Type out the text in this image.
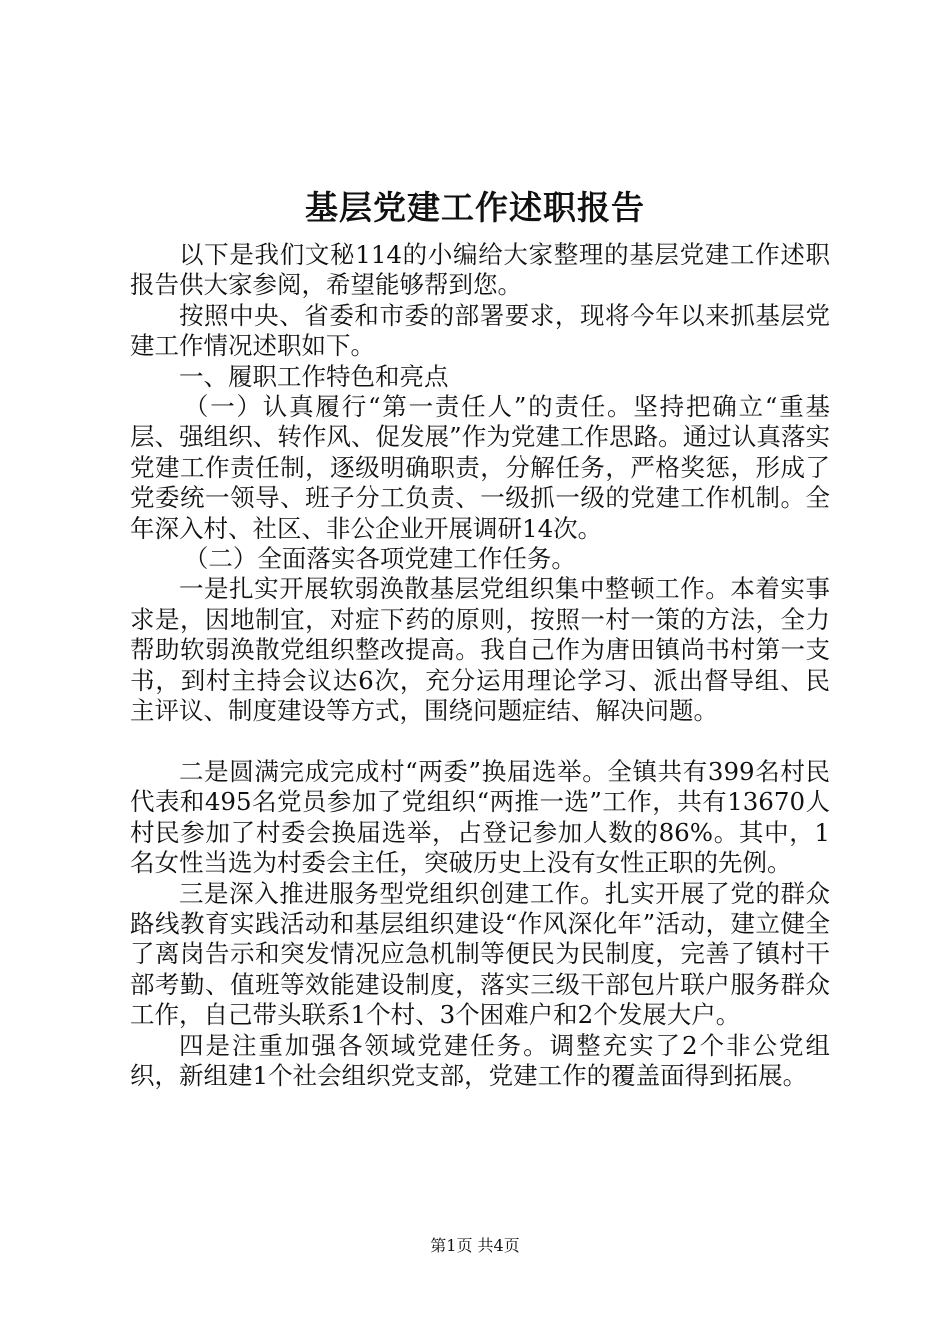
基层党建工作述职报告

以下是我们文秘114的小编给大家整理的基层党建工作述职报告供大家参阅，希望能够帮到您。

按照中央、省委和市委的部署要求，现将今年以来抓基层党建工作情况述职如下。

一、履职工作特色和亮点

（一）认真履行“第一责任人”的责任。坚持把确立“重基层、强组织、转作风、促发展”作为党建工作思路。通过认真落实党建工作责任制，逐级明确职责，分解任务，严格奖惩，形成了党委统一领导、班子分工负责、一级抓一级的党建工作机制。全年深入村、社区、非公企业开展调研14次。

（二）全面落实各项党建工作任务。

一是扎实开展软弱涣散基层党组织集中整顿工作。本着实事求是，因地制宜，对症下药的原则，按照一村一策的方法，全力帮助软弱涣散党组织整改提高。我自己作为唐田镇尚书村第一支书，到村主持会议达6次，充分运用理论学习、派出督导组、民主评议、制度建设等方式，围绕问题症结、解决问题。

二是圆满完成完成村“两委”换届选举。全镇共有399名村民代表和495名党员参加了党组织“两推一选”工作，共有13670人村民参加了村委会换届选举，占登记参加人数的86%。其中，1名女性当选为村委会主任，突破历史上没有女性正职的先例。

三是深入推进服务型党组织创建工作。扎实开展了党的群众路线教育实践活动和基层组织建设“作风深化年”活动，建立健全了离岗告示和突发情况应急机制等便民为民制度，完善了镇村干部考勤、值班等效能建设制度，落实三级干部包片联户服务群众工作，自己带头联系1个村、3个困难户和2个发展大户。

四是注重加强各领域党建任务。调整充实了2个非公党组织，新组建1个社会组织党支部，党建工作的覆盖面得到拓展。

第1页 共4页
